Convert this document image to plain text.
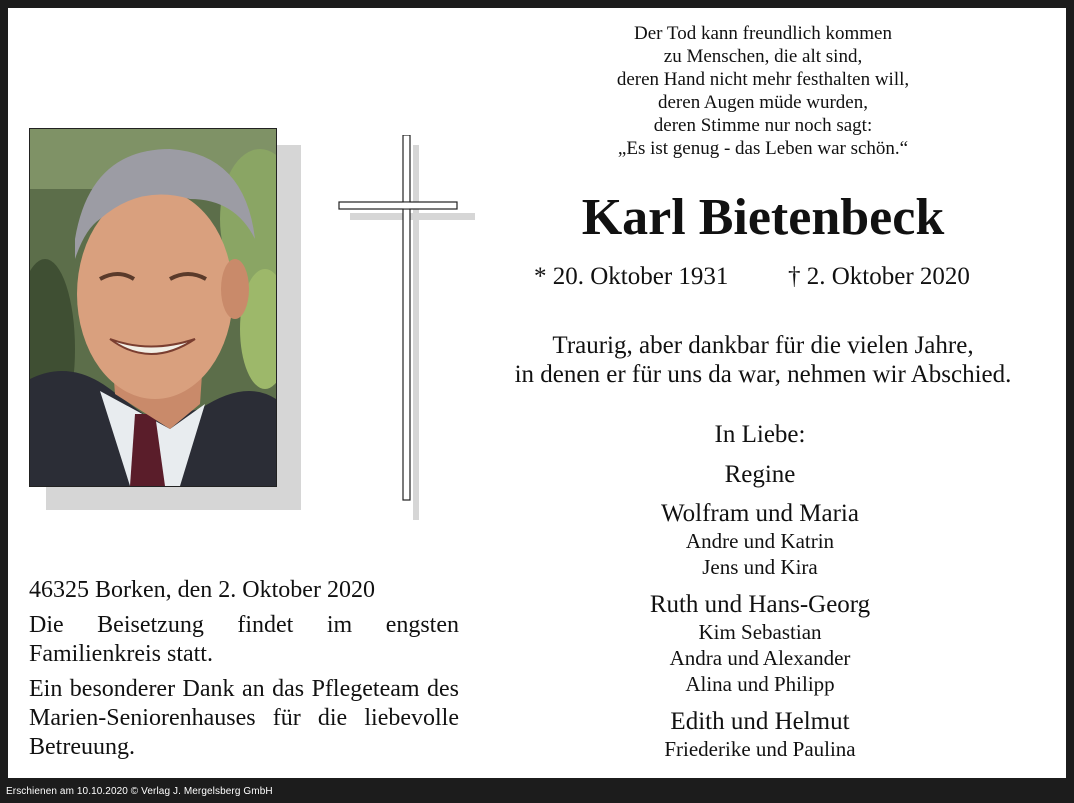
Der Tod kann freundlich kommen
zu Menschen, die alt sind,
deren Hand nicht mehr festhalten will,
deren Augen müde wurden,
deren Stimme nur noch sagt:
„Es ist genug - das Leben war schön.“
Karl Bietenbeck
* 20. Oktober 1931 † 2. Oktober 2020
Traurig, aber dankbar für die vielen Jahre,
in denen er für uns da war, nehmen wir Abschied.
In Liebe:
Regine
Wolfram und Maria
Andre und Katrin
Jens und Kira
Ruth und Hans-Georg
Kim Sebastian
Andra und Alexander
Alina und Philipp
Edith und Helmut
Friederike und Paulina

46325 Borken, den 2. Oktober 2020

Die Beisetzung findet im engsten Familienkreis statt.

Ein besonderer Dank an das Pflegeteam des Marien-Seniorenhauses für die liebevolle Betreuung.

Erschienen am 10.10.2020 © Verlag J. Mergelsberg GmbH
